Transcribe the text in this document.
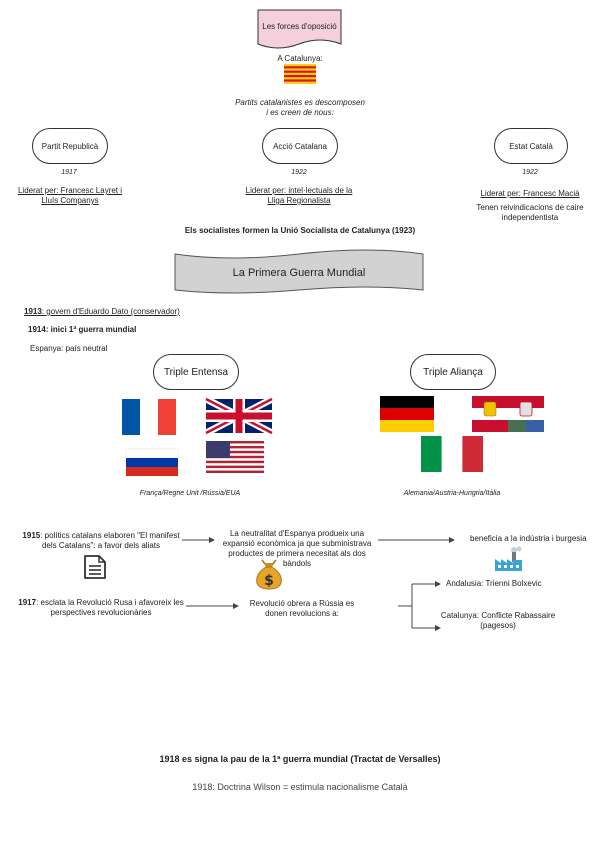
Les forces d'oposició
A Catalunya:
Partits catalanistes es descomposen i es creen de nous:
Partit Republicà	Acció Catalana	Estat Català
1917	1922	1922
Liderat per: Francesc Layret i Lluís Companys
Liderat per: intel·lectuals de la Lliga Regionalista
Liderat per: Francesc Macià
Tenen reivindicacions de caire independentista
Els socialistes formen la Unió Socialista de Catalunya (1923)
La Primera Guerra Mundial
1913: govern d'Eduardo Dato (conservador)
1914: inici 1ª guerra mundial
Espanya: país neutral
Triple Entensa	Triple Aliança
França/Regne Unit /Rússia/EUA	Alemania/Austria-Hungria/Itàlia
1915: polítics catalans elaboren "El manifest dels Catalans": a favor dels aliats
La neutralitat d'Espanya produeix una expansió econòmica ja que subministrava productes de primera necesitat als dos bàndols
beneficia a la indústria i burgesia
1917: esclata la Revolució Rusa i afavoreix les perspectives revolucionàries
Revolució obrera a Rússia es donen revolucions a:
Andalusia: Trienni Bolxevic
Catalunya: Conflicte Rabassaire (pagesos)
$
1918 es signa la pau de la 1ª guerra mundial (Tractat de Versalles)
1918: Doctrina Wilson = estimula nacionalisme Català
